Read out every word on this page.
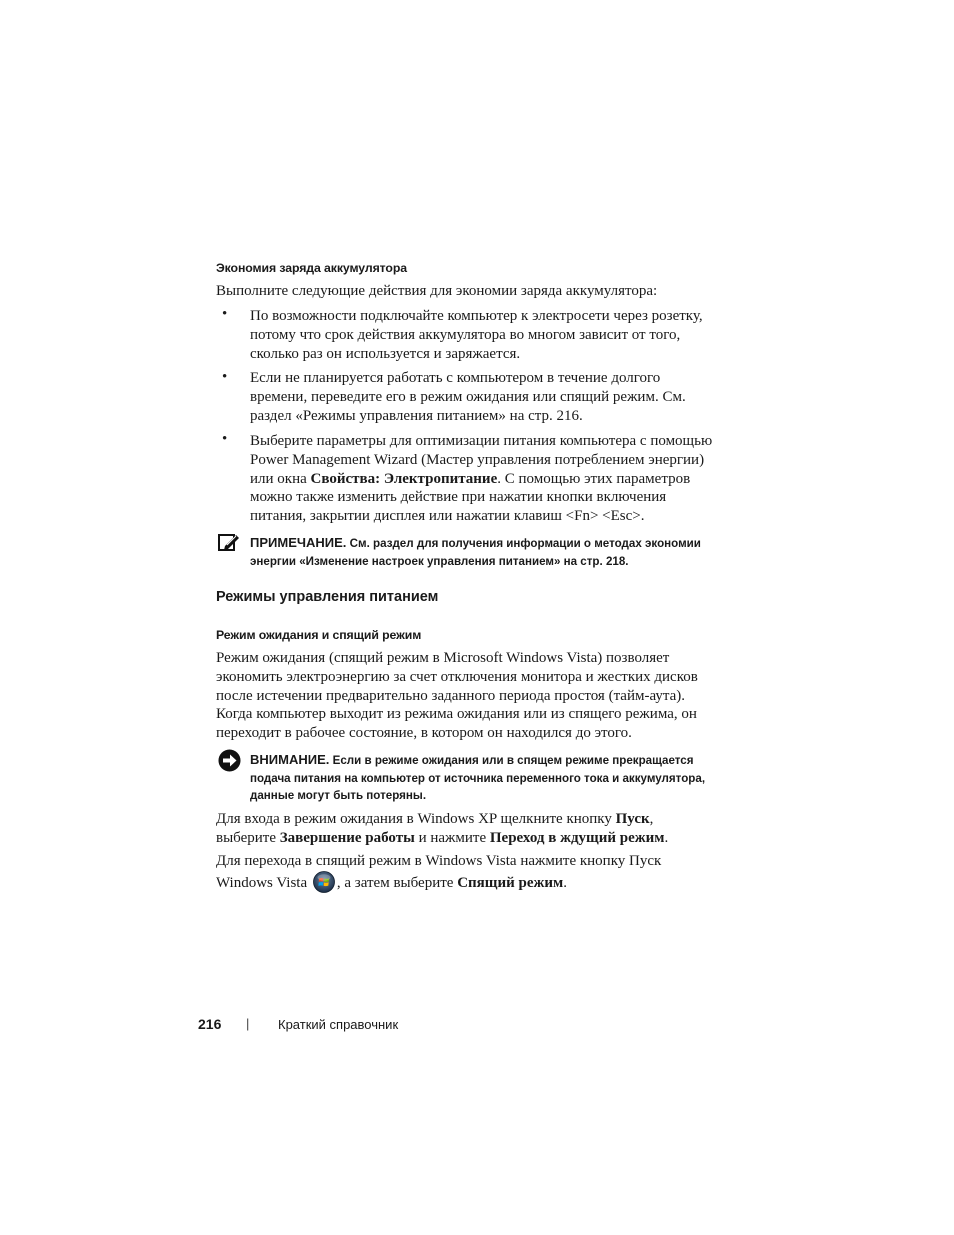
Экономия заряда аккумулятора
Выполните следующие действия для экономии заряда аккумулятора:
• По возможности подключайте компьютер к электросети через розетку,
потому что срок действия аккумулятора во многом зависит от того,
сколько раз он используется и заряжается.
• Если не планируется работать с компьютером в течение долгого
времени, переведите его в режим ожидания или спящий режим. См.
раздел «Режимы управления питанием» на стр. 216.
• Выберите параметры для оптимизации питания компьютера с помощью
Power Management Wizard (Мастер управления потреблением энергии)
или окна Свойства: Электропитание. С помощью этих параметров
можно также изменить действие при нажатии кнопки включения
питания, закрытии дисплея или нажатии клавиш <Fn> <Esc>.
ПРИМЕЧАНИЕ. См. раздел для получения информации о методах экономии
энергии «Изменение настроек управления питанием» на стр. 218.
Режимы управления питанием
Режим ожидания и спящий режим
Режим ожидания (спящий режим в Microsoft Windows Vista) позволяет
экономить электроэнергию за счет отключения монитора и жестких дисков
после истечении предварительно заданного периода простоя (тайм-аута).
Когда компьютер выходит из режима ожидания или из спящего режима, он
переходит в рабочее состояние, в котором он находился до этого.
ВНИМАНИЕ. Если в режиме ожидания или в спящем режиме прекращается
подача питания на компьютер от источника переменного тока и аккумулятора,
данные могут быть потеряны.
Для входа в режим ожидания в Windows XP щелкните кнопку Пуск,
выберите Завершение работы и нажмите Переход в ждущий режим.
Для перехода в спящий режим в Windows Vista нажмите кнопку Пуск
Windows Vista , а затем выберите Спящий режим.
216 | Краткий справочник
